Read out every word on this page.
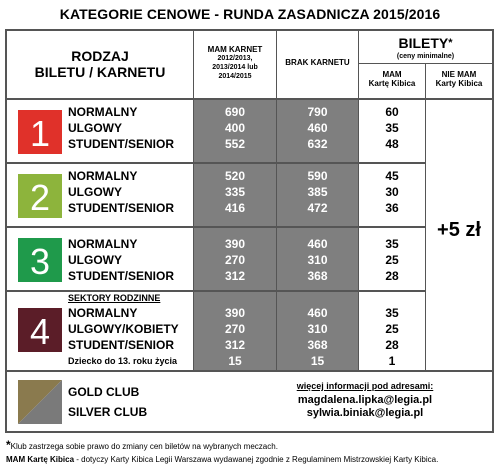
KATEGORIE CENOWE - RUNDA ZASADNICZA 2015/2016
RODZAJ
BILETU / KARNETU
MAM KARNET
2012/2013,
2013/2014 lub
2014/2015
BRAK KARNETU
BILETY*
(ceny minimalne)
MAM
Kartę Kibica
NIE MAM
Karty Kibica
1
NORMALNY
ULGOWY
STUDENT/SENIOR
690
400
552
790
460
632
60
35
48
2
NORMALNY
ULGOWY
STUDENT/SENIOR
520
335
416
590
385
472
45
30
36
3	NORMALNY
ULGOWY
STUDENT/SENIOR
390
270
312
460
310
368
35
25
28
4
SEKTORY RODZINNE
NORMALNY
ULGOWY/KOBIETY
STUDENT/SENIOR
Dziecko do 13. roku życia
390
270
312
15
460
310
368
15
35
25
28
1
+5 zł
GOLD CLUB
SILVER CLUB
więcej informacji pod adresami:
magdalena.lipka@legia.pl
sylwia.biniak@legia.pl
*Klub zastrzega sobie prawo do zmiany cen biletów na wybranych meczach.
MAM Kartę Kibica - dotyczy Karty Kibica Legii Warszawa wydawanej zgodnie z Regulaminem Mistrzowskiej Karty Kibica.
